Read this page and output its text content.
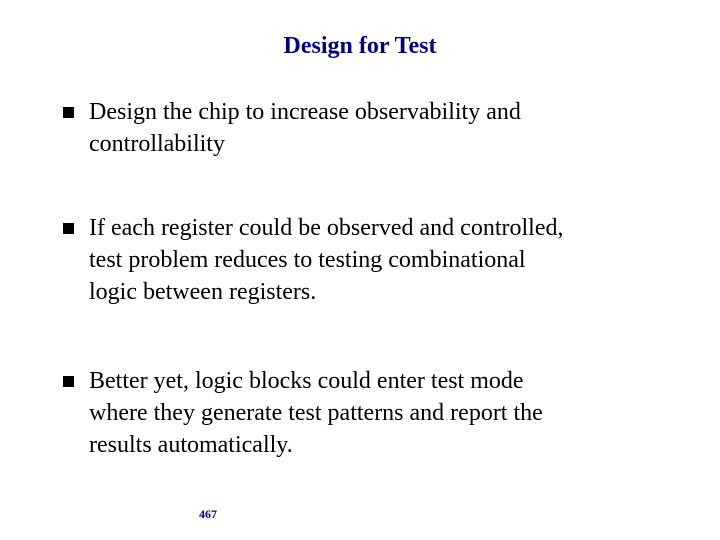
Design for Test
Design the chip to increase observability and
controllability
If each register could be observed and controlled,
test problem reduces to testing combinational
logic between registers.
Better yet, logic blocks could enter test mode
where they generate test patterns and report the
results automatically.
467
